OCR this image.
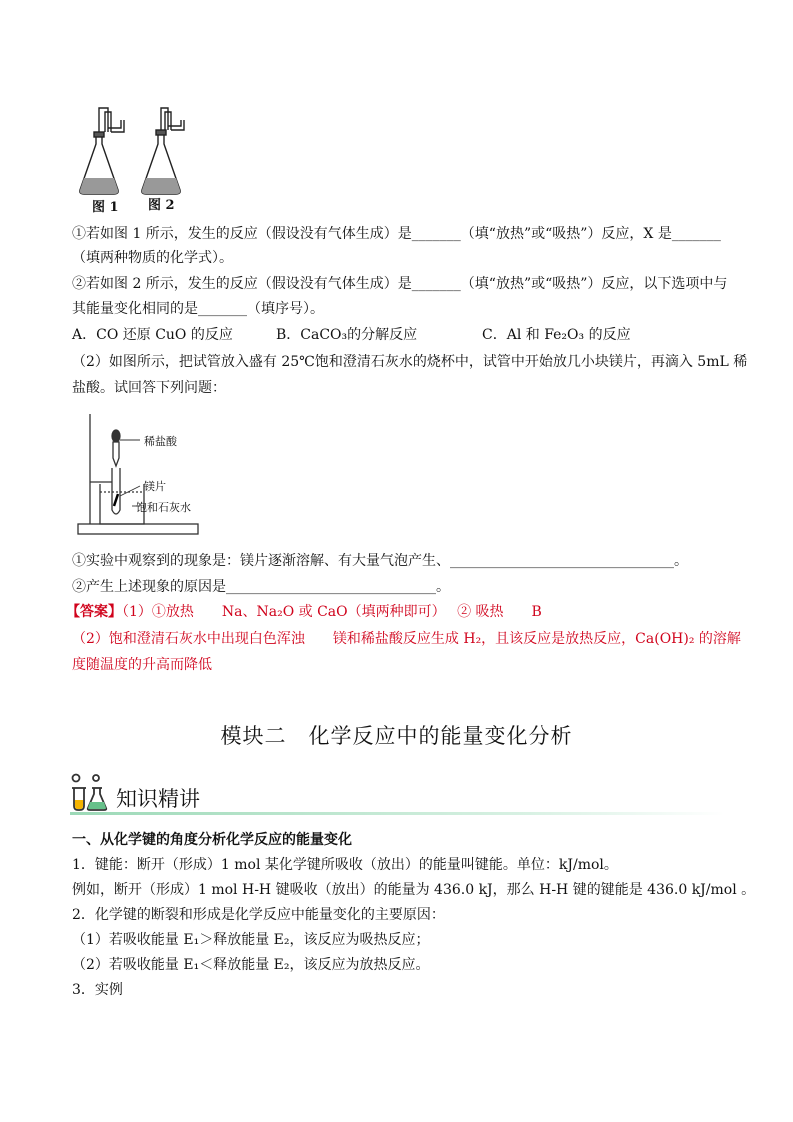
图 1 图 2
①若如图 1 所示，发生的反应（假设没有气体生成）是_______（填“放热”或“吸热”）反应，X 是_______
（填两种物质的化学式）。
②若如图 2 所示，发生的反应（假设没有气体生成）是_______（填“放热”或“吸热”）反应，以下选项中与
其能量变化相同的是_______（填序号）。
A．CO 还原 CuO 的反应	B．CaCO₃的分解反应	C．Al 和 Fe₂O₃ 的反应
（2）如图所示，把试管放入盛有 25℃饱和澄清石灰水的烧杯中，试管中开始放几小块镁片，再滴入 5mL 稀
盐酸。试回答下列问题：
稀盐酸
镁片
饱和石灰水
①实验中观察到的现象是：镁片逐渐溶解、有大量气泡产生、________________________________。
②产生上述现象的原因是______________________________。
【答案】（1）①放热　　Na、Na₂O 或 CaO（填两种即可）　 ② 吸热　　B
（2）饱和澄清石灰水中出现白色浑浊　　镁和稀盐酸反应生成 H₂，且该反应是放热反应，Ca(OH)₂ 的溶解
度随温度的升高而降低
模块二　化学反应中的能量变化分析
知识精讲
一、从化学键的角度分析化学反应的能量变化
1．键能：断开（形成）1 mol 某化学键所吸收（放出）的能量叫键能。单位：kJ/mol。
例如，断开（形成）1 mol H-H 键吸收（放出）的能量为 436.0 kJ，那么 H-H 键的键能是 436.0 kJ/mol 。
2．化学键的断裂和形成是化学反应中能量变化的主要原因：
（1）若吸收能量 E₁＞释放能量 E₂，该反应为吸热反应；
（2）若吸收能量 E₁＜释放能量 E₂，该反应为放热反应。
3．实例
